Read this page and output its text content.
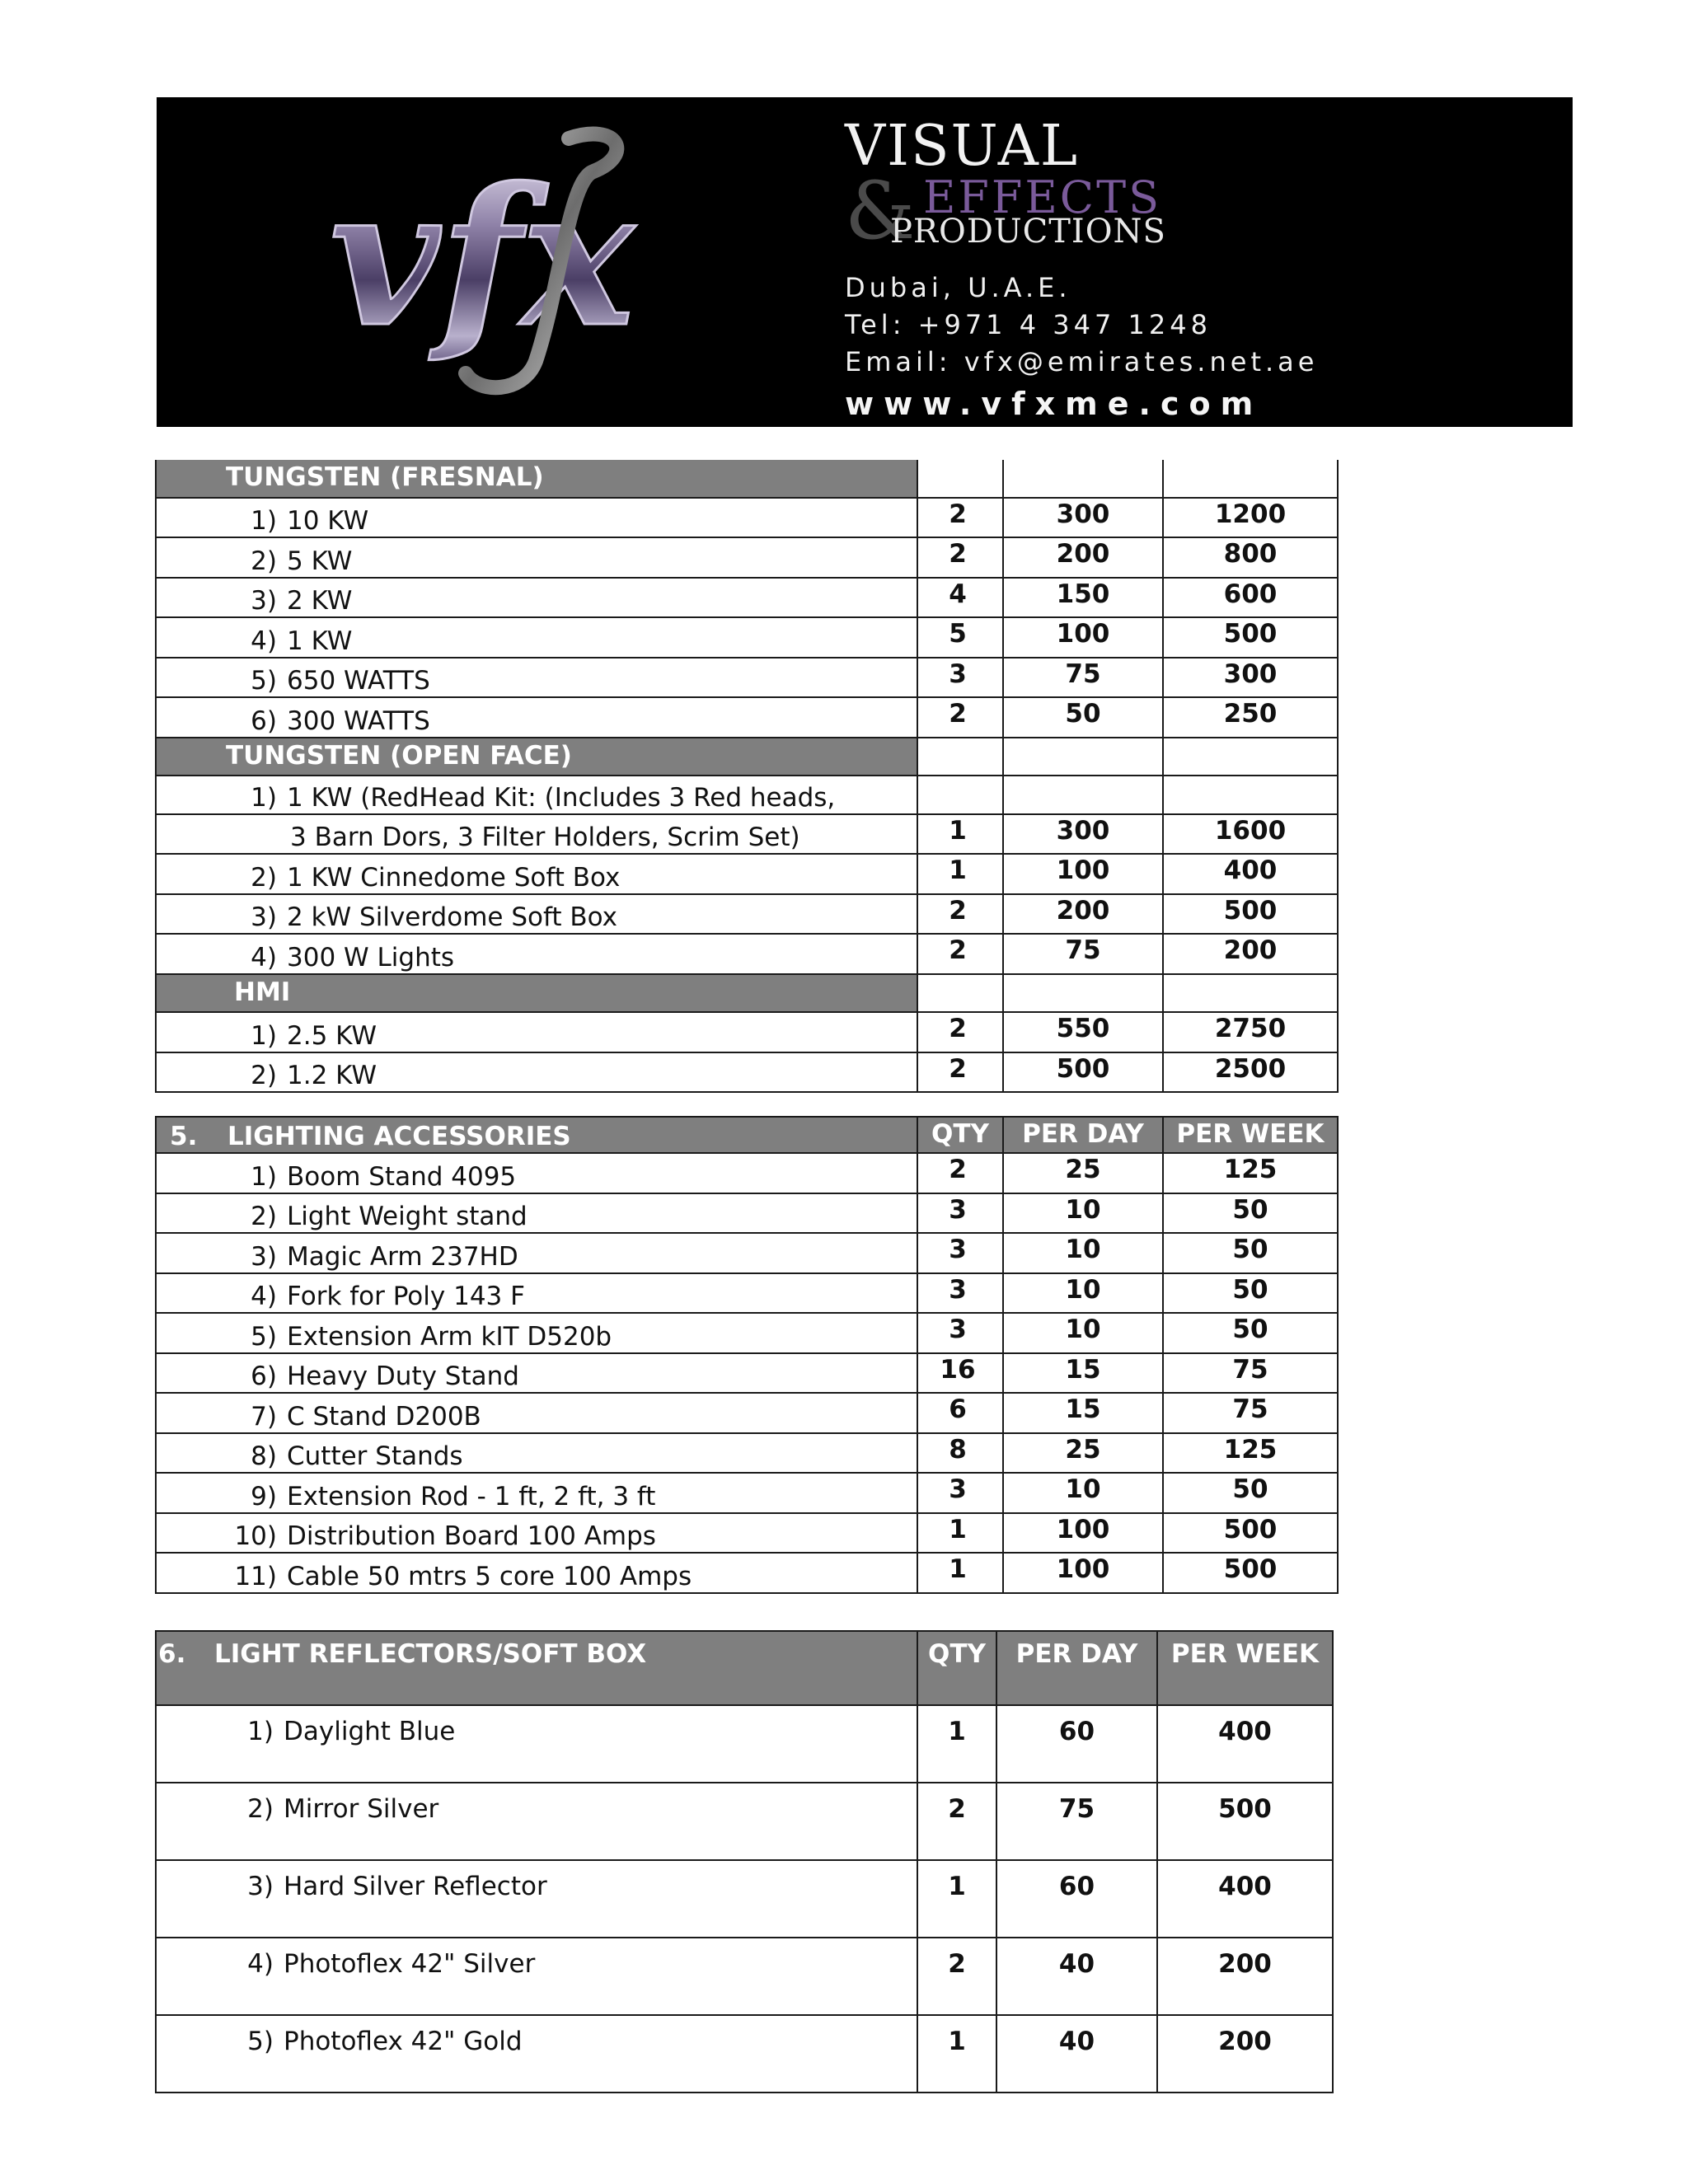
vfx
VISUAL
& EFFECTS
PRODUCTIONS
Dubai, U.A.E.
Tel: +971 4 347 1248
Email: vfx@emirates.net.ae
www.vfxme.com
TUNGSTEN (FRESNAL)			
1) 10 KW	2	300	1200
2) 5 KW	2	200	800
3) 2 KW	4	150	600
4) 1 KW	5	100	500
5) 650 WATTS	3	75	300
6) 300 WATTS	2	50	250
TUNGSTEN (OPEN FACE)			
1) 1 KW (RedHead Kit: (Includes 3 Red heads,			
3 Barn Dors, 3 Filter Holders, Scrim Set)	1	300	1600
2) 1 KW Cinnedome Soft Box	1	100	400
3) 2 kW Silverdome Soft Box	2	200	500
4) 300 W Lights	2	75	200
HMI			
1) 2.5 KW	2	550	2750
2) 1.2 KW	2	500	2500
5. LIGHTING ACCESSORIES	QTY	PER DAY	PER WEEK
1) Boom Stand 4095	2	25	125
2) Light Weight stand	3	10	50
3) Magic Arm 237HD	3	10	50
4) Fork for Poly 143 F	3	10	50
5) Extension Arm kIT D520b	3	10	50
6) Heavy Duty Stand	16	15	75
7) C Stand D200B	6	15	75
8) Cutter Stands	8	25	125
9) Extension Rod - 1 ft, 2 ft, 3 ft	3	10	50
10) Distribution Board 100 Amps	1	100	500
11) Cable 50 mtrs 5 core 100 Amps	1	100	500
6. LIGHT REFLECTORS/SOFT BOX	QTY	PER DAY	PER WEEK
1) Daylight Blue	1	60	400
2) Mirror Silver	2	75	500
3) Hard Silver Reflector	1	60	400
4) Photoflex 42" Silver	2	40	200
5) Photoflex 42" Gold	1	40	200
